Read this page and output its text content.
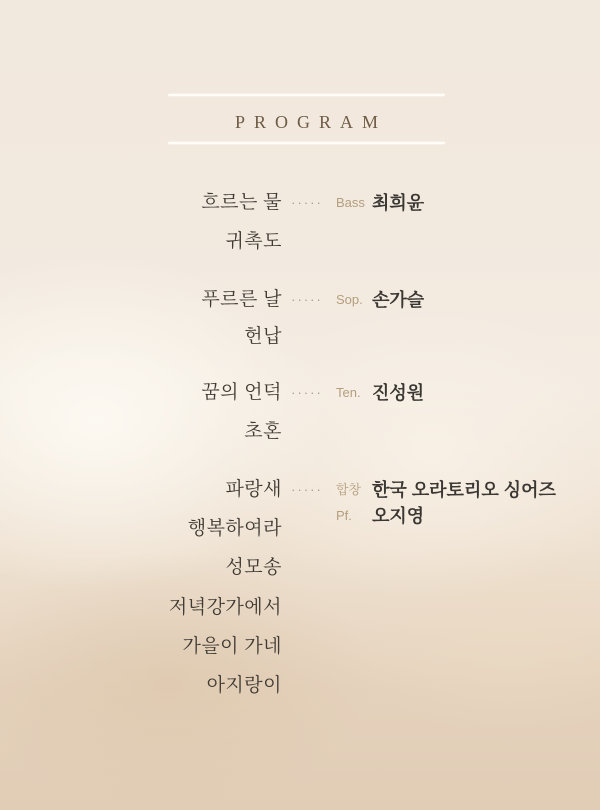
PROGRAM
흐르는 물 ·····	Bass 최희윤
귀촉도
푸르른 날 ·····	Sop. 손가슬
헌납
꿈의 언덕 ·····	Ten. 진성원
초혼
파랑새 ·····	합창 한국 오라토리오 싱어즈
Pf.	오지영
행복하여라
성모송
저녁강가에서
가을이 가네
아지랑이
